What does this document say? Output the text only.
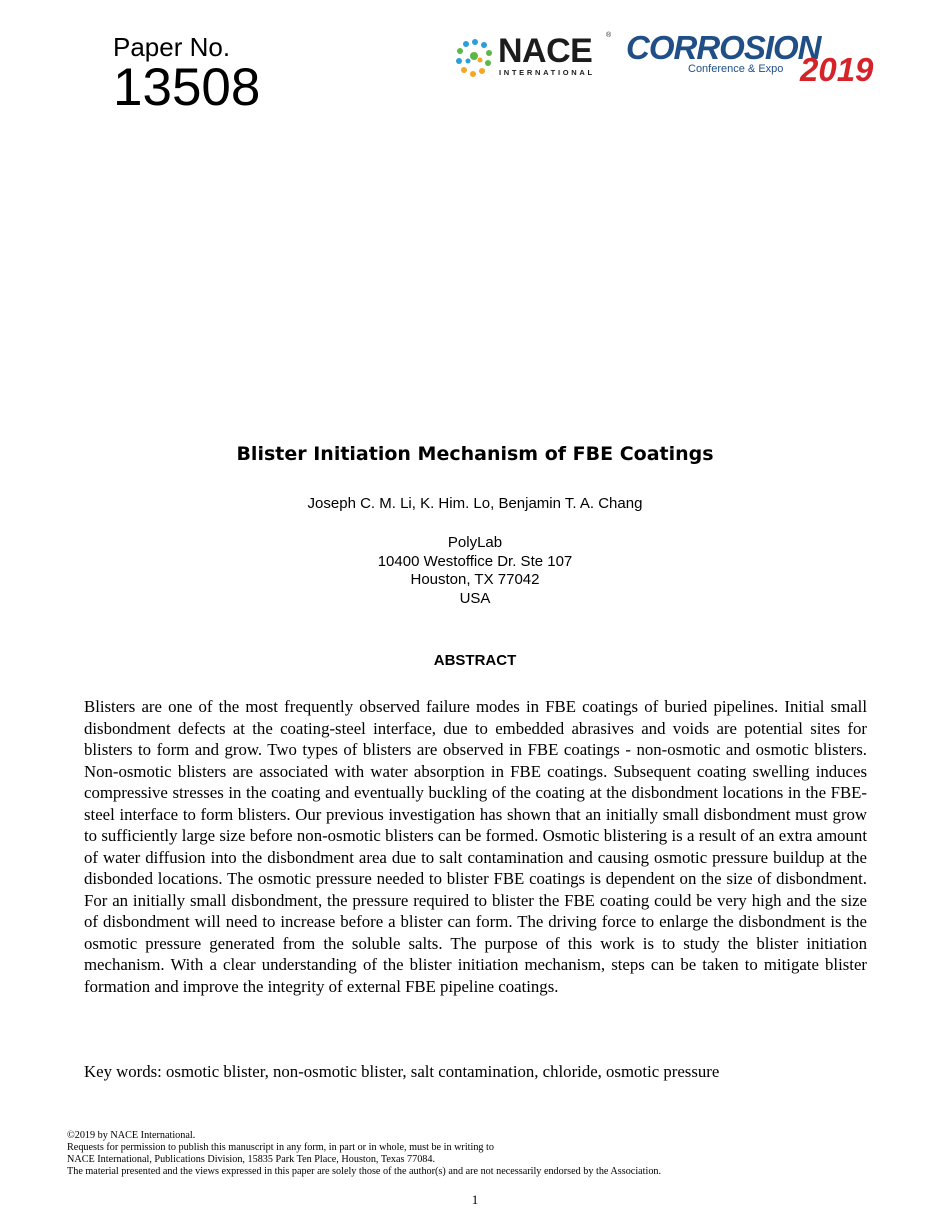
Paper No.
13508
NACE ®
INTERNATIONAL
CORROSION
Conference & Expo 2019
Blister Initiation Mechanism of FBE Coatings
Joseph C. M. Li, K. Him. Lo, Benjamin T. A. Chang
PolyLab
10400 Westoffice Dr. Ste 107
Houston, TX 77042
USA
ABSTRACT

Blisters are one of the most frequently observed failure modes in FBE coatings of buried pipelines. Initial small disbondment defects at the coating-steel interface, due to embedded abrasives and voids are potential sites for blisters to form and grow. Two types of blisters are observed in FBE coatings - non-osmotic and osmotic blisters. Non-osmotic blisters are associated with water absorption in FBE coatings. Subsequent coating swelling induces compressive stresses in the coating and eventually buckling of the coating at the disbondment locations in the FBE-steel interface to form blisters. Our previous investigation has shown that an initially small disbondment must grow to sufficiently large size before non-osmotic blisters can be formed. Osmotic blistering is a result of an extra amount of water diffusion into the disbondment area due to salt contamination and causing osmotic pressure buildup at the disbonded locations. The osmotic pressure needed to blister FBE coatings is dependent on the size of disbondment. For an initially small disbondment, the pressure required to blister the FBE coating could be very high and the size of disbondment will need to increase before a blister can form. The driving force to enlarge the disbondment is the osmotic pressure generated from the soluble salts. The purpose of this work is to study the blister initiation mechanism. With a clear understanding of the blister initiation mechanism, steps can be taken to mitigate blister formation and improve the integrity of external FBE pipeline coatings.

Key words: osmotic blister, non-osmotic blister, salt contamination, chloride, osmotic pressure

©2019 by NACE International.
Requests for permission to publish this manuscript in any form, in part or in whole, must be in writing to
NACE International, Publications Division, 15835 Park Ten Place, Houston, Texas 77084.
The material presented and the views expressed in this paper are solely those of the author(s) and are not necessarily endorsed by the Association.
1
